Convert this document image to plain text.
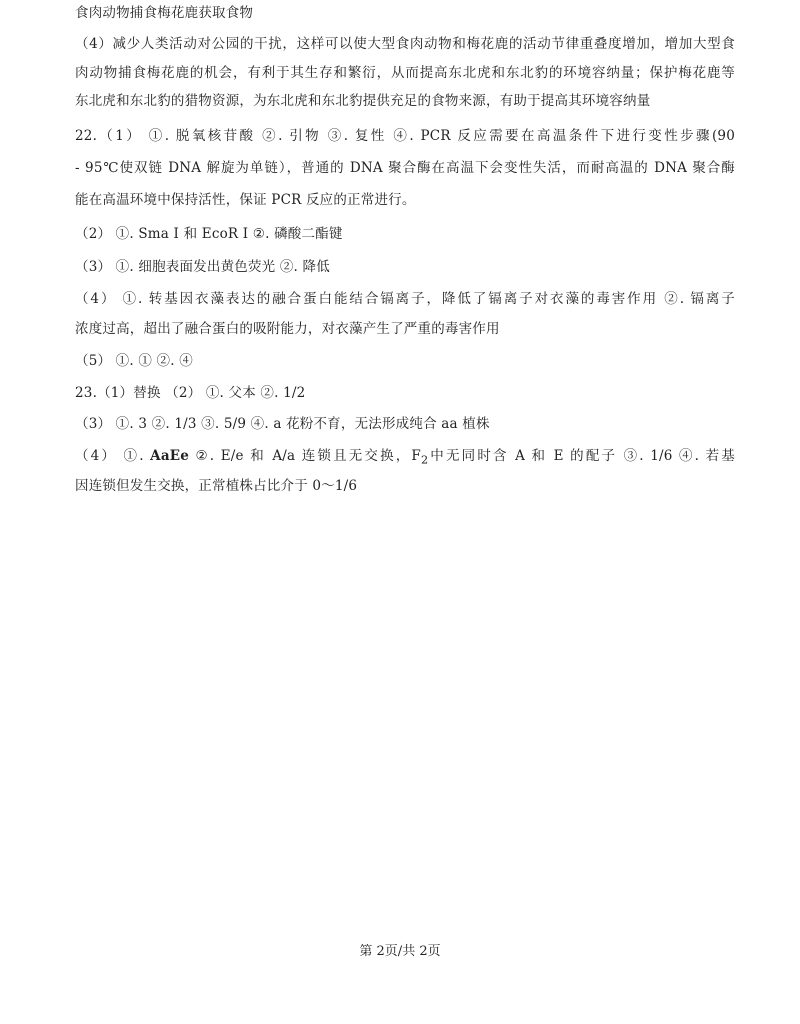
食肉动物捕食梅花鹿获取食物
（4）减少人类活动对公园的干扰，这样可以使大型食肉动物和梅花鹿的活动节律重叠度增加，增加大型食
肉动物捕食梅花鹿的机会，有利于其生存和繁衍，从而提高东北虎和东北豹的环境容纳量；保护梅花鹿等
东北虎和东北豹的猎物资源，为东北虎和东北豹提供充足的食物来源，有助于提高其环境容纳量
22.（1） ①. 脱氧核苷酸 ②. 引物 ③. 复性 ④. PCR 反应需要在高温条件下进行变性步骤(90
- 95℃使双链 DNA 解旋为单链），普通的 DNA 聚合酶在高温下会变性失活，而耐高温的 DNA 聚合酶
能在高温环境中保持活性，保证 PCR 反应的正常进行。
（2） ①. Sma Ⅰ 和 EcoR Ⅰ ②. 磷酸二酯键
（3） ①. 细胞表面发出黄色荧光 ②. 降低
（4） ①. 转基因衣藻表达的融合蛋白能结合镉离子，降低了镉离子对衣藻的毒害作用 ②. 镉离子
浓度过高，超出了融合蛋白的吸附能力，对衣藻产生了严重的毒害作用
（5） ①. ① ②. ④
23.（1）替换 （2） ①. 父本 ②. 1/2
（3） ①. 3 ②. 1/3 ③. 5/9 ④. a 花粉不育，无法形成纯合 aa 植株
（4） ①. AaEe ②. E/e 和 A/a 连锁且无交换，$F_2$中无同时含 A 和 E 的配子 ③. 1/6 ④. 若基
因连锁但发生交换，正常植株占比介于 0～1/6
第 2页/共 2页
